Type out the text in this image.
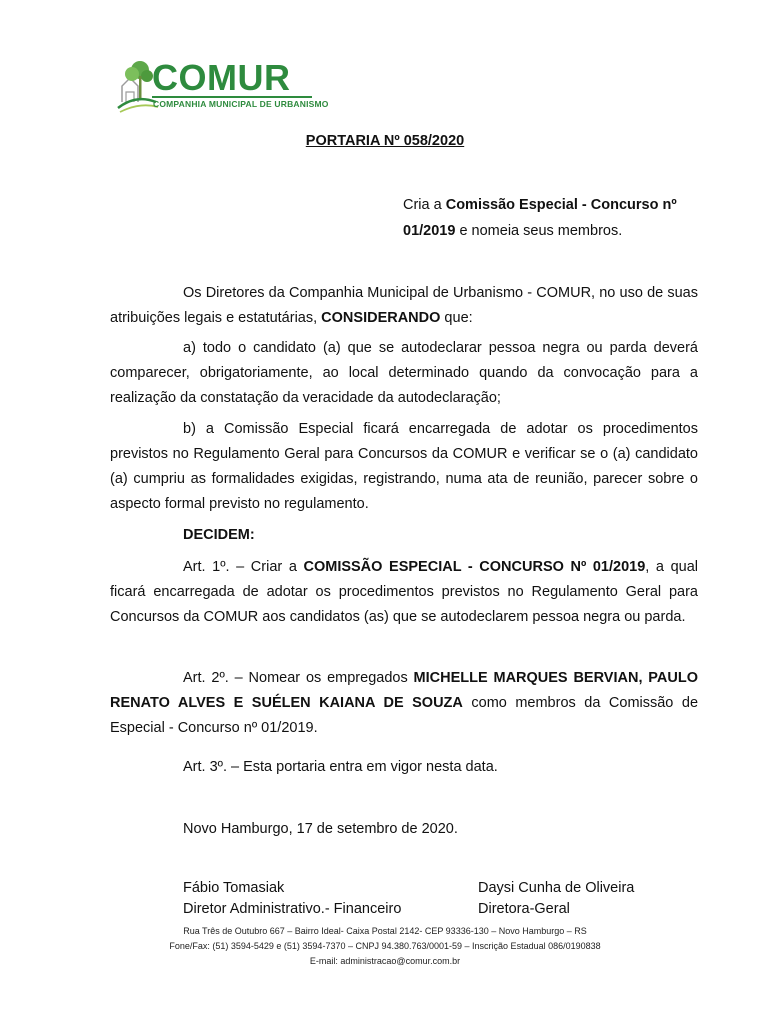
COMUR
COMPANHIA MUNICIPAL DE URBANISMO
PORTARIA Nº 058/2020
Cria a Comissão Especial - Concurso nº 01/2019 e nomeia seus membros.

Os Diretores da Companhia Municipal de Urbanismo - COMUR, no uso de suas atribuições legais e estatutárias, CONSIDERANDO que:

a) todo o candidato (a) que se autodeclarar pessoa negra ou parda deverá comparecer, obrigatoriamente, ao local determinado quando da convocação para a realização da constatação da veracidade da autodeclaração;

b) a Comissão Especial ficará encarregada de adotar os procedimentos previstos no Regulamento Geral para Concursos da COMUR e verificar se o (a) candidato (a) cumpriu as formalidades exigidas, registrando, numa ata de reunião, parecer sobre o aspecto formal previsto no regulamento.

DECIDEM:

Art. 1º. – Criar a COMISSÃO ESPECIAL - CONCURSO Nº 01/2019, a qual ficará encarregada de adotar os procedimentos previstos no Regulamento Geral para Concursos da COMUR aos candidatos (as) que se autodeclarem pessoa negra ou parda.

Art. 2º. – Nomear os empregados MICHELLE MARQUES BERVIAN, PAULO RENATO ALVES E SUÉLEN KAIANA DE SOUZA como membros da Comissão de Especial - Concurso nº 01/2019.

Art. 3º. – Esta portaria entra em vigor nesta data.

Novo Hamburgo, 17 de setembro de 2020.

Fábio Tomasiak
Diretor Administrativo.- Financeiro
Daysi Cunha de Oliveira
Diretora-Geral
Rua Três de Outubro 667 – Bairro Ideal- Caixa Postal 2142- CEP 93336-130 – Novo Hamburgo – RS
Fone/Fax: (51) 3594-5429 e (51) 3594-7370 – CNPJ 94.380.763/0001-59 – Inscrição Estadual 086/0190838
E-mail: administracao@comur.com.br
